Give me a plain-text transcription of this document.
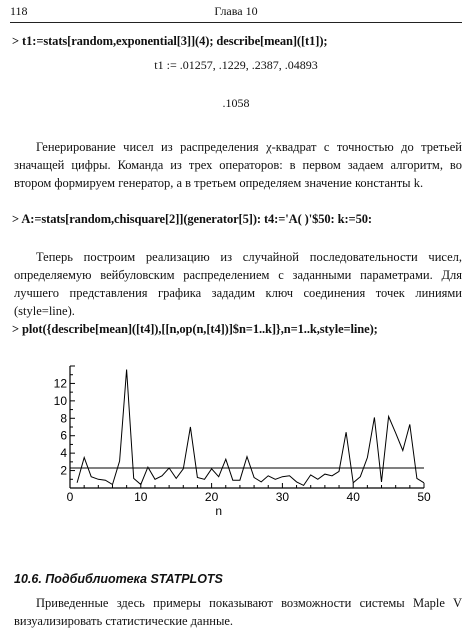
118	Глава 10
> t1:=stats[random,exponential[3]](4); describe[mean]([t1]);
t1 := .01257, .1229, .2387, .04893
.1058

Генерирование чисел из распределения χ-квадрат с точностью до третьей значащей цифры. Команда из трех операторов: в первом задаем алгоритм, во втором формируем генератор, а в третьем определяем значение константы k.

> A:=stats[random,chisquare[2]](generator[5]): t4:='A( )'$50: k:=50:

Теперь построим реализацию из случайной последовательности чисел, определяемую вейбуловским распределением с заданными параметрами. Для лучшего представления графика зададим ключ соединения точек линиями (style=line).

> plot({describe[mean]([t4]),[[n,op(n,[t4])]$n=1..k]},n=1..k,style=line);
0	10	20	30	40	50
2
4
6
8
10
12
n
10.6. Подбиблиотека STATPLOTS

Приведенные здесь примеры показывают возможности системы Maple V визуализировать статистические данные.
